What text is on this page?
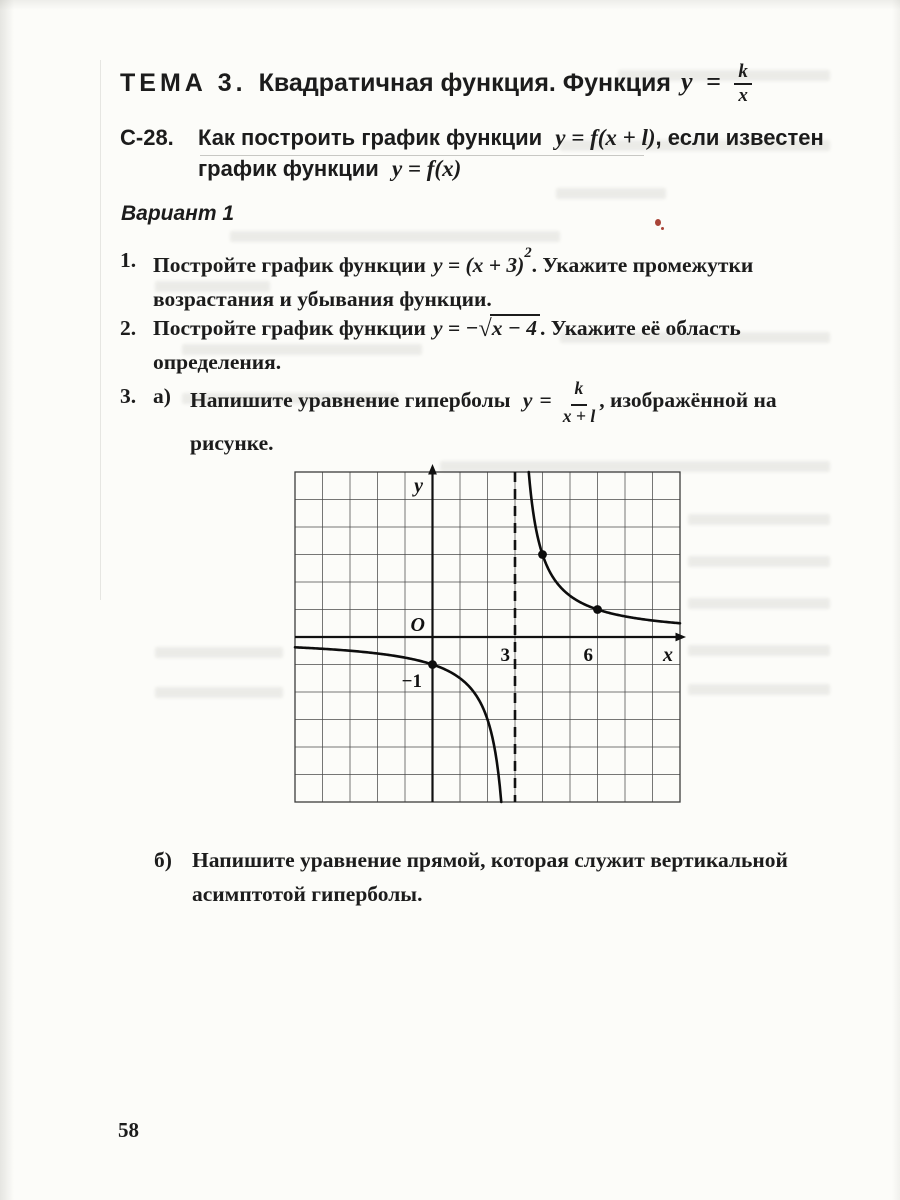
ТЕМА 3. Квадратичная функция. Функция $y = \frac{k}{x}$
С-28.	Как построить график функции y = f(x + l), если известен
график функции y = f(x)
Вариант 1
1. Постройте график функции $y = (x + 3)^2$. Укажите промежутки возрастания и убывания функции.
2. Постройте график функции y = −√x − 4 . Укажите её область определения.
3. а) Напишите уравнение гиперболы $y = \frac{k}{x + l}$ , изображённой на рисунке.
y
O
x
3	6
−1
б) Напишите уравнение прямой, которая служит вертикальной асимптотой гиперболы.
58
